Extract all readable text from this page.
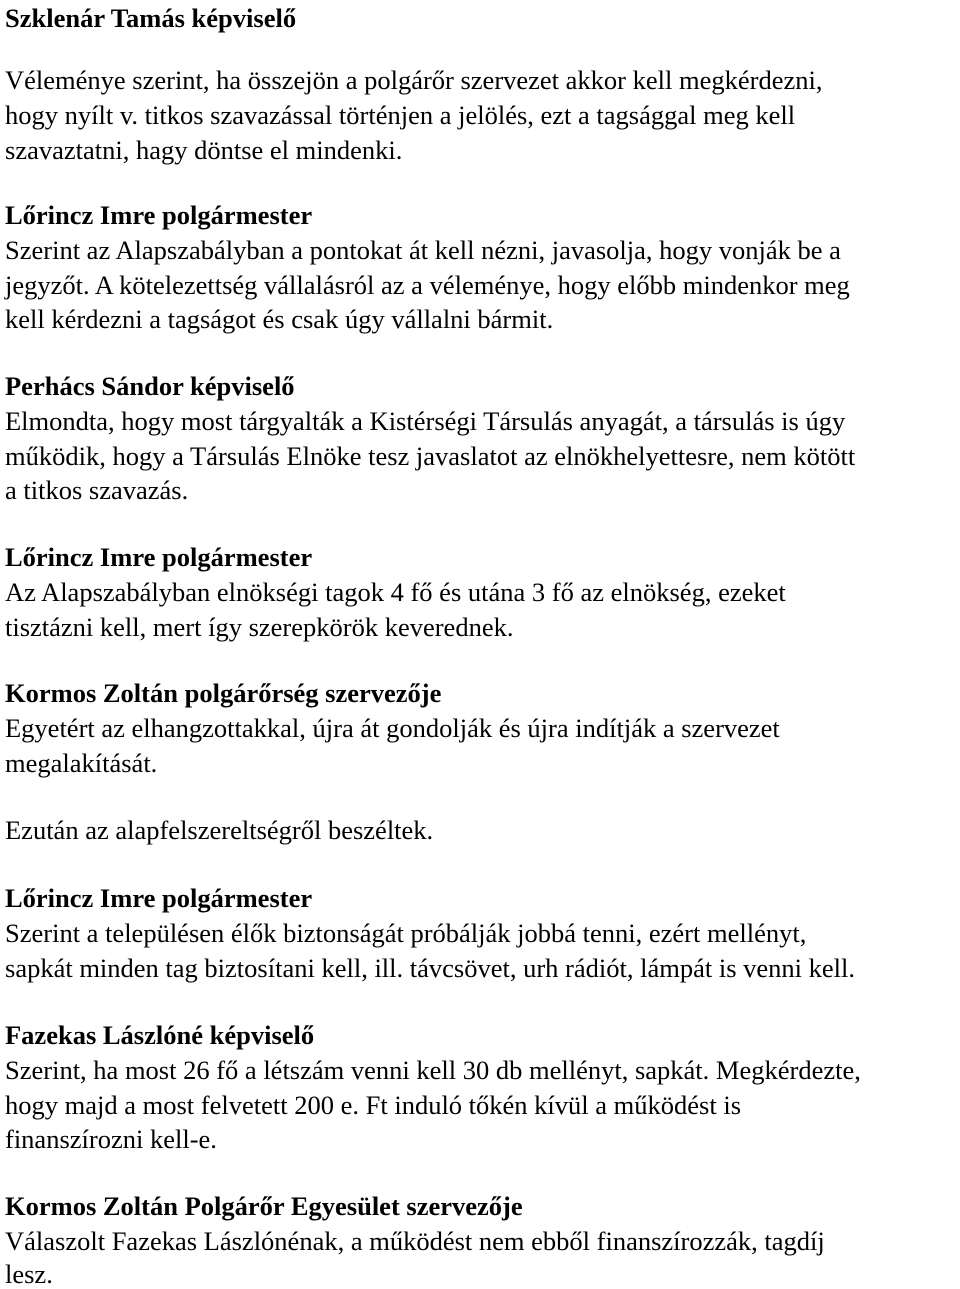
Szklenár Tamás képviselő

Véleménye szerint, ha összejön a polgárőr szervezet akkor kell megkérdezni,

hogy nyílt v. titkos szavazással történjen a jelölés, ezt a tagsággal meg kell

szavaztatni, hagy döntse el mindenki.

Lőrincz Imre polgármester

Szerint az Alapszabályban a pontokat át kell nézni, javasolja, hogy vonják be a

jegyzőt. A kötelezettség vállalásról az a véleménye, hogy előbb mindenkor meg

kell kérdezni a tagságot és csak úgy vállalni bármit.

Perhács Sándor képviselő

Elmondta, hogy most tárgyalták a Kistérségi Társulás anyagát, a társulás is úgy

működik, hogy a Társulás Elnöke tesz javaslatot az elnökhelyettesre, nem kötött

a titkos szavazás.

Lőrincz Imre polgármester

Az Alapszabályban elnökségi tagok 4 fő és utána 3 fő az elnökség, ezeket

tisztázni kell, mert így szerepkörök keverednek.

Kormos Zoltán polgárőrség szervezője

Egyetért az elhangzottakkal, újra át gondolják és újra indítják a szervezet

megalakítását.

Ezután az alapfelszereltségről beszéltek.

Lőrincz Imre polgármester

Szerint a településen élők biztonságát próbálják jobbá tenni, ezért mellényt,

sapkát minden tag biztosítani kell, ill. távcsövet, urh rádiót, lámpát is venni kell.

Fazekas Lászlóné képviselő

Szerint, ha most 26 fő a létszám venni kell 30 db mellényt, sapkát. Megkérdezte,

hogy majd a most felvetett 200 e. Ft induló tőkén kívül a működést is

finanszírozni kell-e.

Kormos Zoltán Polgárőr Egyesület szervezője

Válaszolt Fazekas Lászlónénak, a működést nem ebből finanszírozzák, tagdíj

lesz.
